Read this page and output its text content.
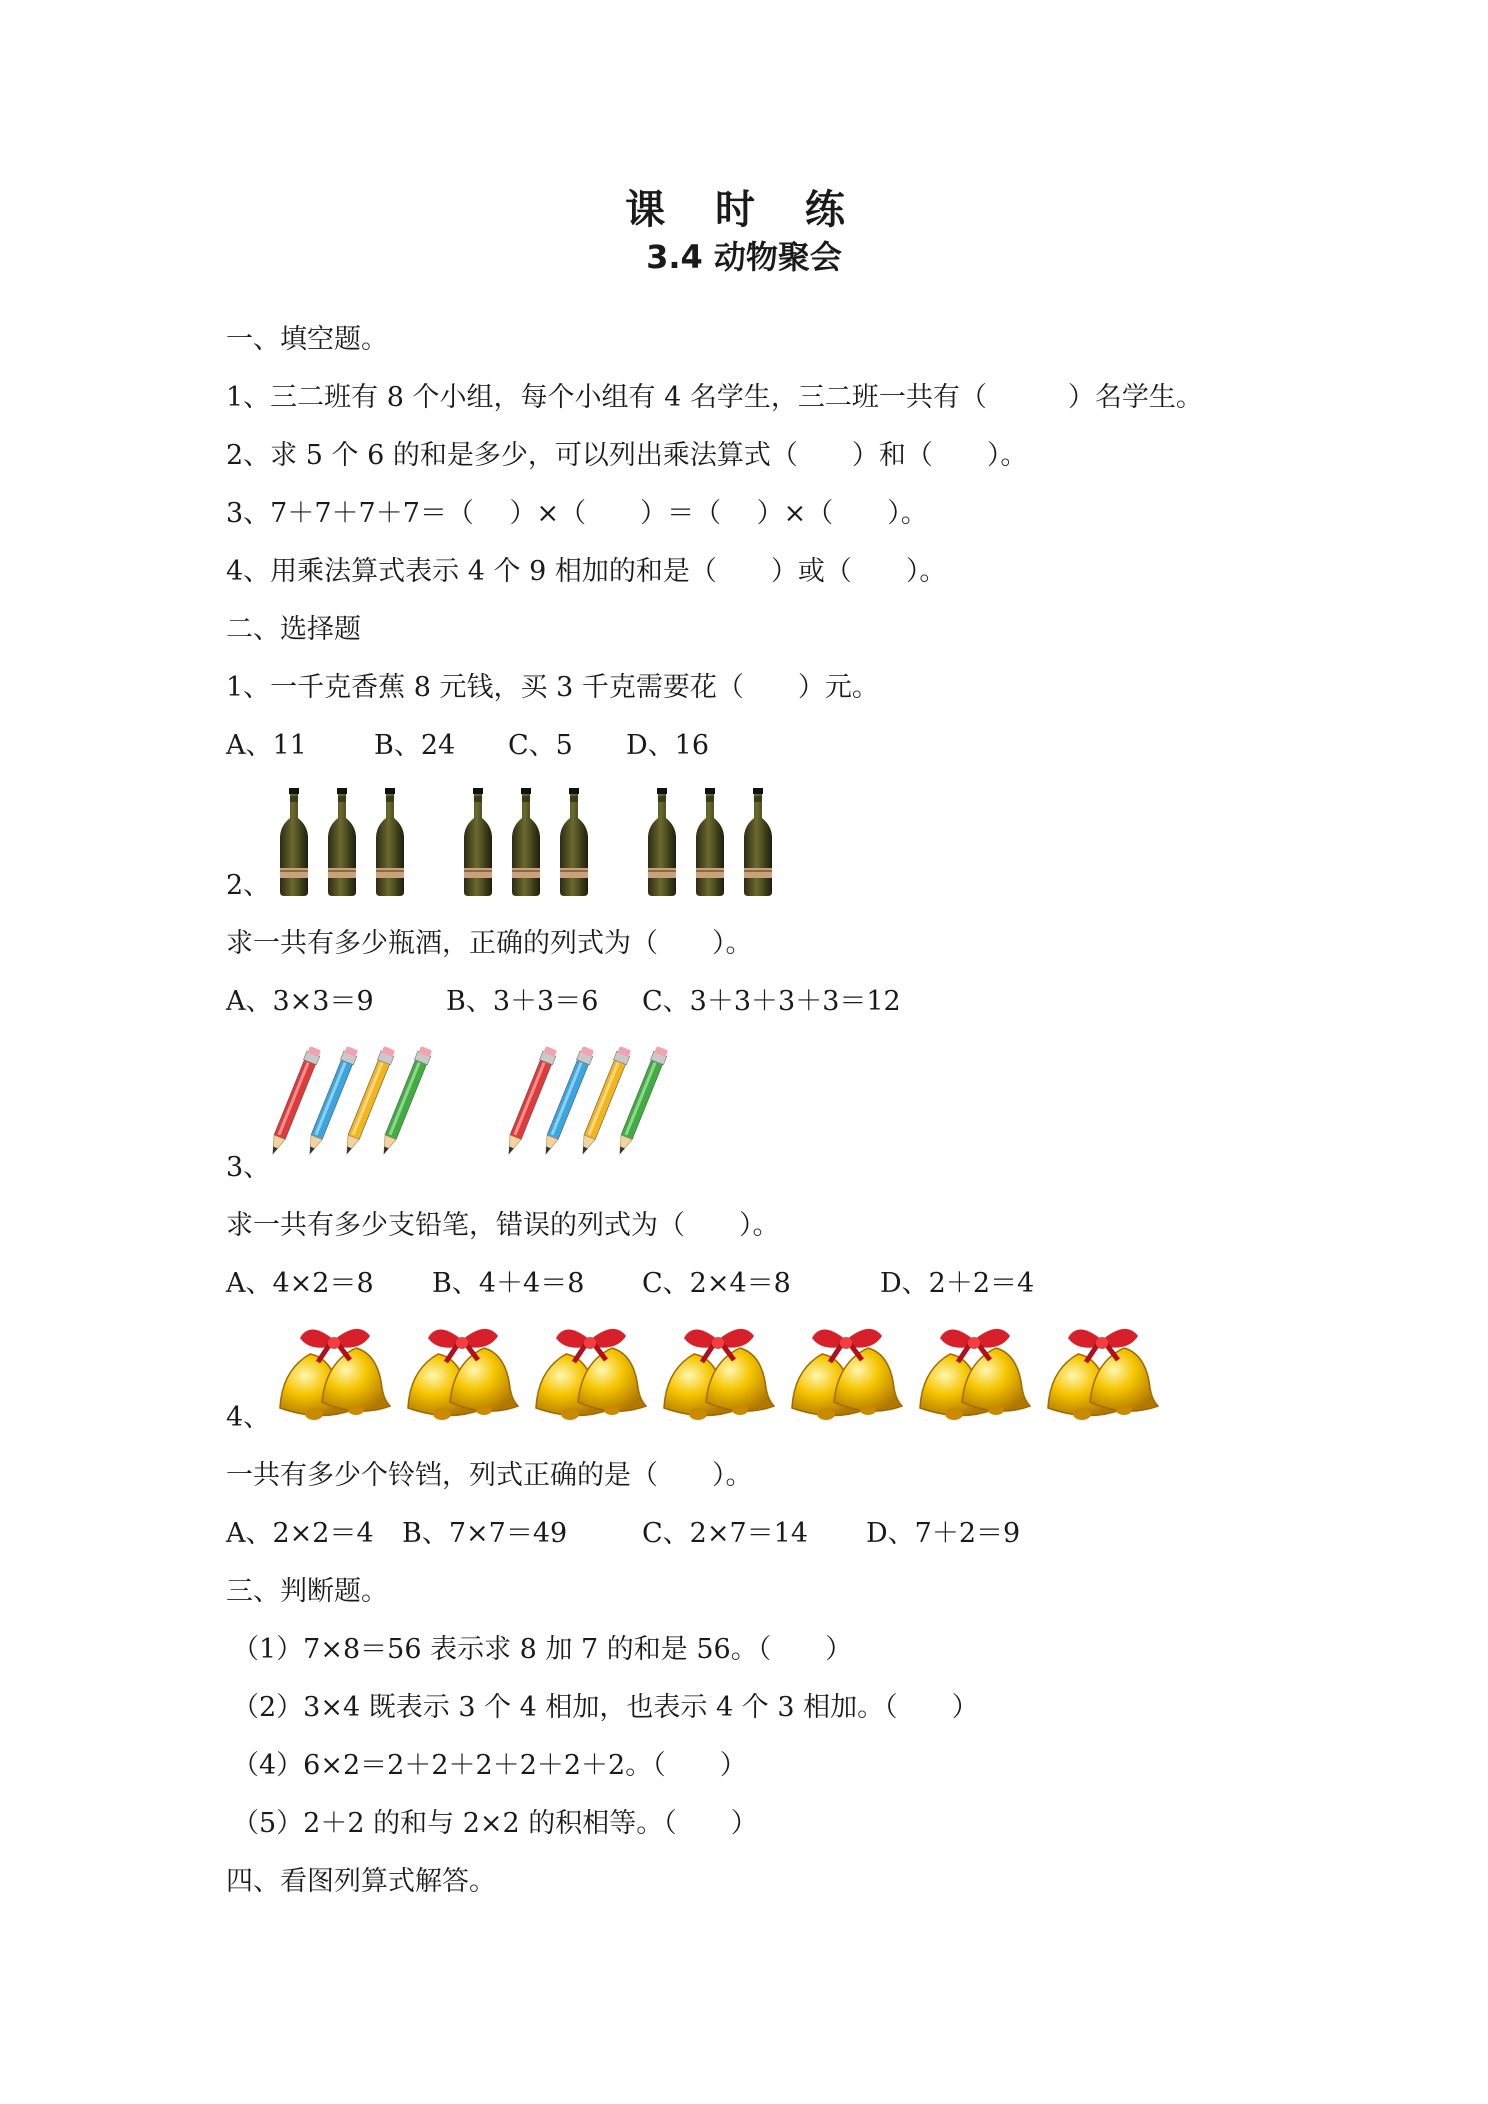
课 时 练
3.4 动物聚会
一、填空题。
1、三二班有 8 个小组，每个小组有 4 名学生，三二班一共有（　　　）名学生。
2、求 5 个 6 的和是多少，可以列出乘法算式（　　）和（　　）。
3、7＋7＋7＋7＝（　 ）×（　　）＝（　 ）×（　　）。
4、用乘法算式表示 4 个 9 相加的和是（　　）或（　　）。
二、选择题
1、一千克香蕉 8 元钱，买 3 千克需要花（　　）元。
A、11 B、24 C、5 D、16
2、
求一共有多少瓶酒，正确的列式为（　　）。
A、3×3＝9	B、3＋3＝6 C、3＋3＋3＋3＝12
3、
求一共有多少支铅笔，错误的列式为（　　）。
A、4×2＝8 B、4＋4＝8 C、2×4＝8	D、2＋2＝4
4、
一共有多少个铃铛，列式正确的是（　　）。
A、2×2＝4 B、7×7＝49	C、2×7＝14 D、7＋2＝9
三、判断题。
（1）7×8＝56 表示求 8 加 7 的和是 56。（　　）
（2）3×4 既表示 3 个 4 相加，也表示 4 个 3 相加。（　　）
（4）6×2＝2＋2＋2＋2＋2＋2。（　　）
（5）2＋2 的和与 2×2 的积相等。（　　）
四、看图列算式解答。
